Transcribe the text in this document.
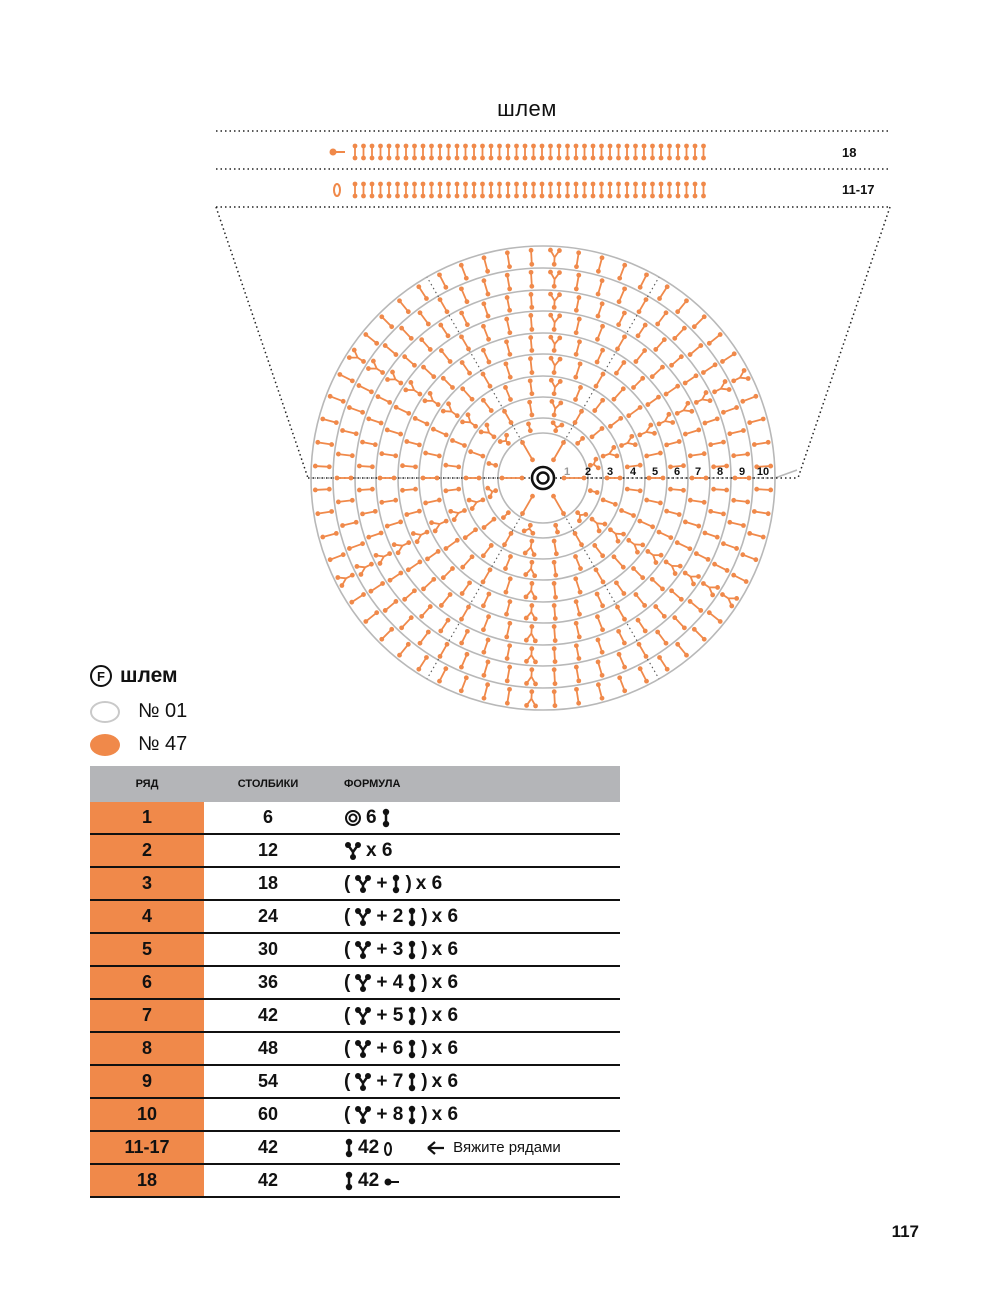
1 2 3 4 5 6 7 8 9 10
шлем
18
11-17
F шлем
№ 01
№ 47
РЯД	СТОЛБИКИ	ФОРМУЛА
1	6	6

2	12	x 6

3	18	( + ) x 6

4	24	( + 2 ) x 6

5	30	( + 3 ) x 6

6	36	( + 4 ) x 6

7	42	( + 5 ) x 6

8	48	( + 6 ) x 6

9	54	( + 7 ) x 6

10	60	( + 8 ) x 6

11-17	42	42 Вяжите рядами

18	42	42
117
